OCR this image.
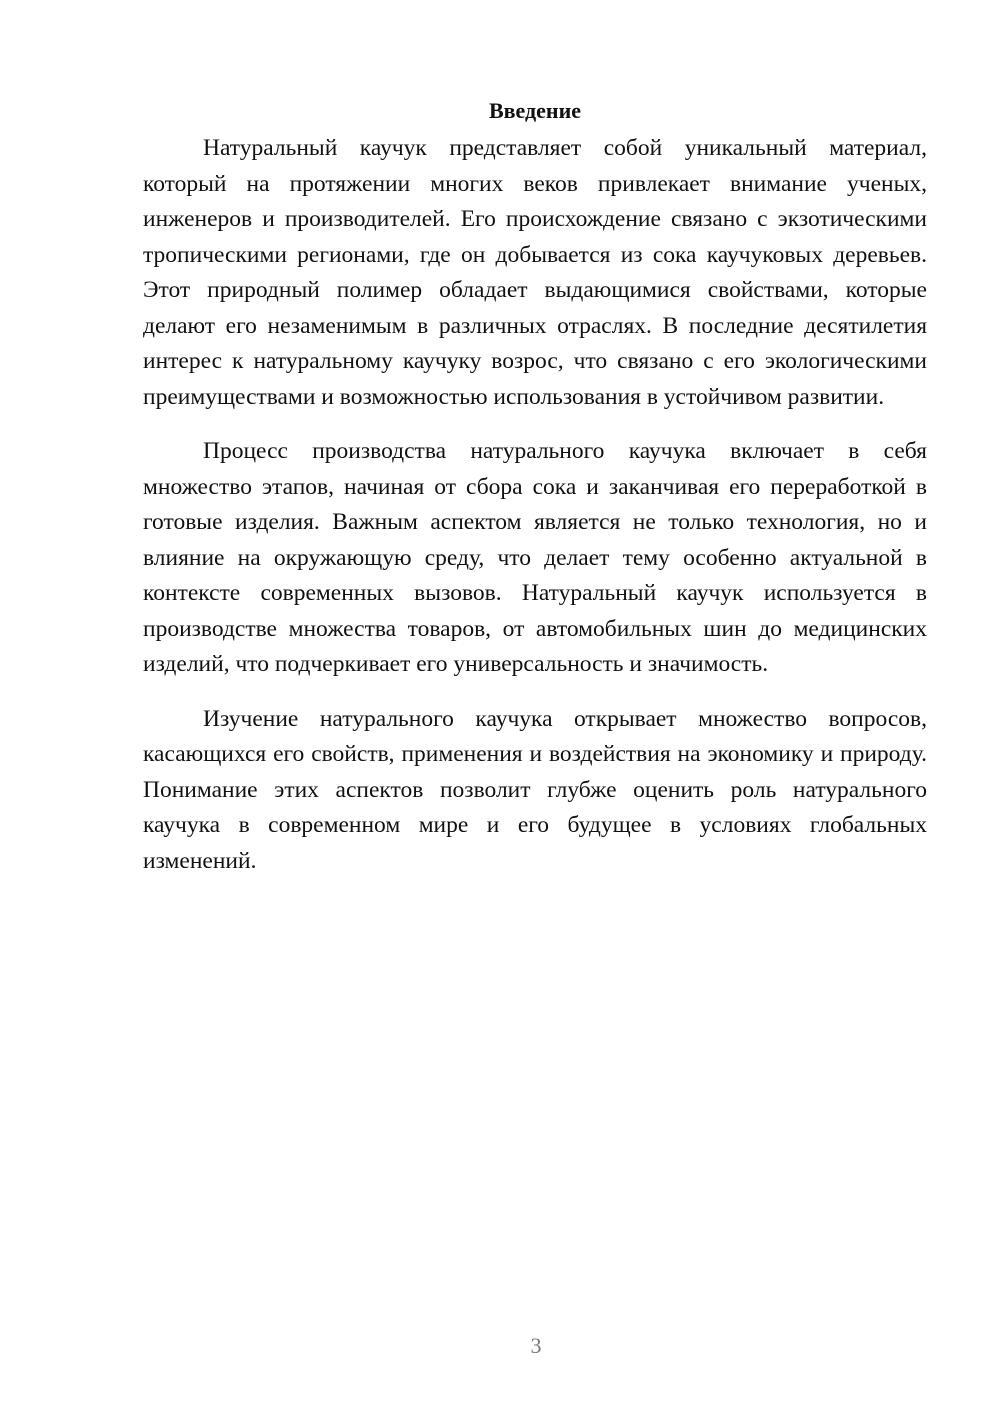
Введение

Натуральный каучук представляет собой уникальный материал, который на протяжении многих веков привлекает внимание ученых, инженеров и производителей. Его происхождение связано с экзотическими тропическими регионами, где он добывается из сока каучуковых деревьев. Этот природный полимер обладает выдающимися свойствами, которые делают его незаменимым в различных отраслях. В последние десятилетия интерес к натуральному каучуку возрос, что связано с его экологическими преимуществами и возможностью использования в устойчивом развитии.

Процесс производства натурального каучука включает в себя множество этапов, начиная от сбора сока и заканчивая его переработкой в готовые изделия. Важным аспектом является не только технология, но и влияние на окружающую среду, что делает тему особенно актуальной в контексте современных вызовов. Натуральный каучук используется в производстве множества товаров, от автомобильных шин до медицинских изделий, что подчеркивает его универсальность и значимость.

Изучение натурального каучука открывает множество вопросов, касающихся его свойств, применения и воздействия на экономику и природу. Понимание этих аспектов позволит глубже оценить роль натурального каучука в современном мире и его будущее в условиях глобальных изменений.

3
